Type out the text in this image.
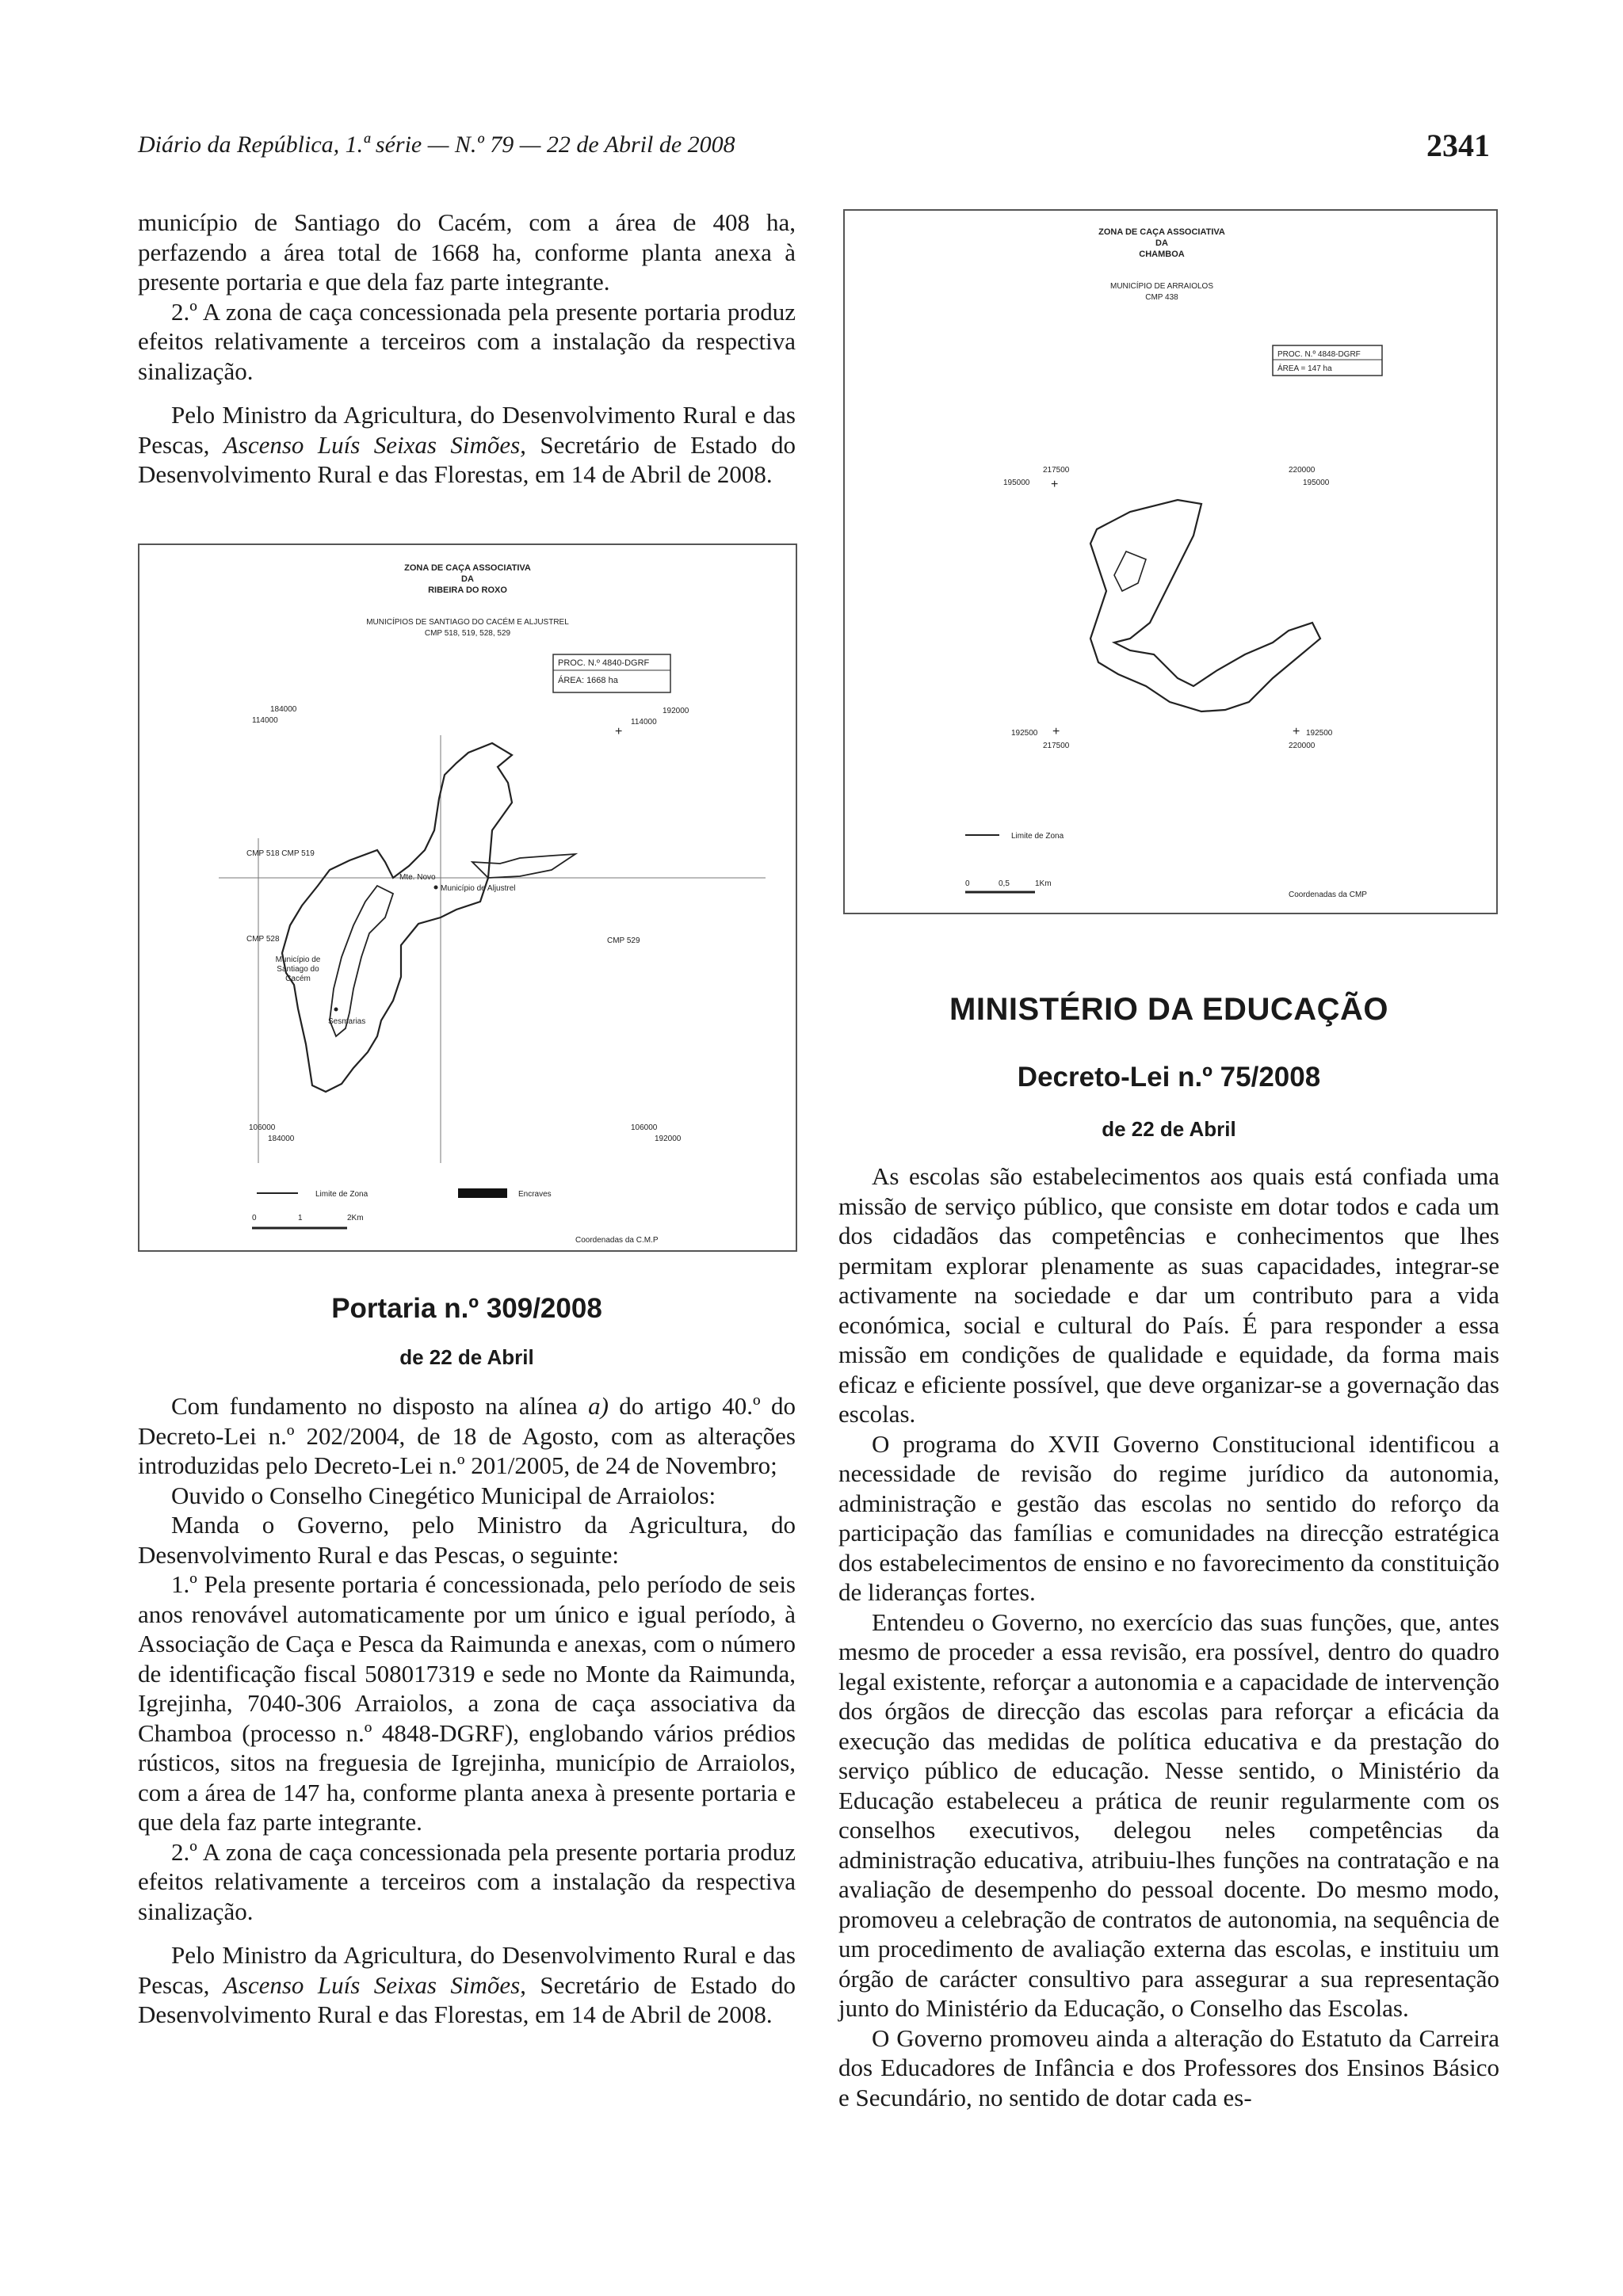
Diário da República, 1.ª série — N.º 79 — 22 de Abril de 2008	2341

município de Santiago do Cacém, com a área de 408 ha, perfazendo a área total de 1668 ha, conforme planta anexa à presente portaria e que dela faz parte integrante.

2.º A zona de caça concessionada pela presente portaria produz efeitos relativamente a terceiros com a instalação da respectiva sinalização.

Pelo Ministro da Agricultura, do Desenvolvimento Rural e das Pescas, Ascenso Luís Seixas Simões, Secretário de Estado do Desenvolvimento Rural e das Florestas, em 14 de Abril de 2008.

ZONA DE CAÇA ASSOCIATIVA
DA
RIBEIRA DO ROXO
MUNICÍPIOS DE SANTIAGO DO CACÉM E ALJUSTREL
CMP 518, 519, 528, 529
PROC. N.º 4840-DGRF
ÁREA: 1668 ha
184000
114000
192000
114000
106000
184000
106000
192000
+
CMP 518 CMP 519
CMP 528	CMP 529
Mte. Novo
Município de Aljustrel
Município de Santiago do Cacém
Sesmarias
Limite de Zona	Encraves
0	1	2Km
Coordenadas da C.M.P
Portaria n.º 309/2008
de 22 de Abril

Com fundamento no disposto na alínea a) do artigo 40.º do Decreto-Lei n.º 202/2004, de 18 de Agosto, com as alterações introduzidas pelo Decreto-Lei n.º 201/2005, de 24 de Novembro;

Ouvido o Conselho Cinegético Municipal de Arraiolos:

Manda o Governo, pelo Ministro da Agricultura, do Desenvolvimento Rural e das Pescas, o seguinte:

1.º Pela presente portaria é concessionada, pelo período de seis anos renovável automaticamente por um único e igual período, à Associação de Caça e Pesca da Raimunda e anexas, com o número de identificação fiscal 508017319 e sede no Monte da Raimunda, Igrejinha, 7040-306 Arraiolos, a zona de caça associativa da Chamboa (processo n.º 4848-DGRF), englobando vários prédios rústicos, sitos na freguesia de Igrejinha, município de Arraiolos, com a área de 147 ha, conforme planta anexa à presente portaria e que dela faz parte integrante.

2.º A zona de caça concessionada pela presente portaria produz efeitos relativamente a terceiros com a instalação da respectiva sinalização.

Pelo Ministro da Agricultura, do Desenvolvimento Rural e das Pescas, Ascenso Luís Seixas Simões, Secretário de Estado do Desenvolvimento Rural e das Florestas, em 14 de Abril de 2008.

ZONA DE CAÇA ASSOCIATIVA
DA
CHAMBOA
MUNICÍPIO DE ARRAIOLOS
CMP 438
PROC. N.º 4848-DGRF
ÁREA = 147 ha
217500
195000 +
220000
195000
192500
217500
+	+ 192500
220000
Limite de Zona
0	0,5	1Km
Coordenadas da CMP
MINISTÉRIO DA EDUCAÇÃO
Decreto-Lei n.º 75/2008
de 22 de Abril

As escolas são estabelecimentos aos quais está confiada uma missão de serviço público, que consiste em dotar todos e cada um dos cidadãos das competências e conhecimentos que lhes permitam explorar plenamente as suas capacidades, integrar-se activamente na sociedade e dar um contributo para a vida económica, social e cultural do País. É para responder a essa missão em condições de qualidade e equidade, da forma mais eficaz e eficiente possível, que deve organizar-se a governação das escolas.

O programa do XVII Governo Constitucional identificou a necessidade de revisão do regime jurídico da autonomia, administração e gestão das escolas no sentido do reforço da participação das famílias e comunidades na direcção estratégica dos estabelecimentos de ensino e no favorecimento da constituição de lideranças fortes.

Entendeu o Governo, no exercício das suas funções, que, antes mesmo de proceder a essa revisão, era possível, dentro do quadro legal existente, reforçar a autonomia e a capacidade de intervenção dos órgãos de direcção das escolas para reforçar a eficácia da execução das medidas de política educativa e da prestação do serviço público de educação. Nesse sentido, o Ministério da Educação estabeleceu a prática de reunir regularmente com os conselhos executivos, delegou neles competências da administração educativa, atribuiu-lhes funções na contratação e na avaliação de desempenho do pessoal docente. Do mesmo modo, promoveu a celebração de contratos de autonomia, na sequência de um procedimento de avaliação externa das escolas, e instituiu um órgão de carácter consultivo para assegurar a sua representação junto do Ministério da Educação, o Conselho das Escolas.

O Governo promoveu ainda a alteração do Estatuto da Carreira dos Educadores de Infância e dos Professores dos Ensinos Básico e Secundário, no sentido de dotar cada es-
